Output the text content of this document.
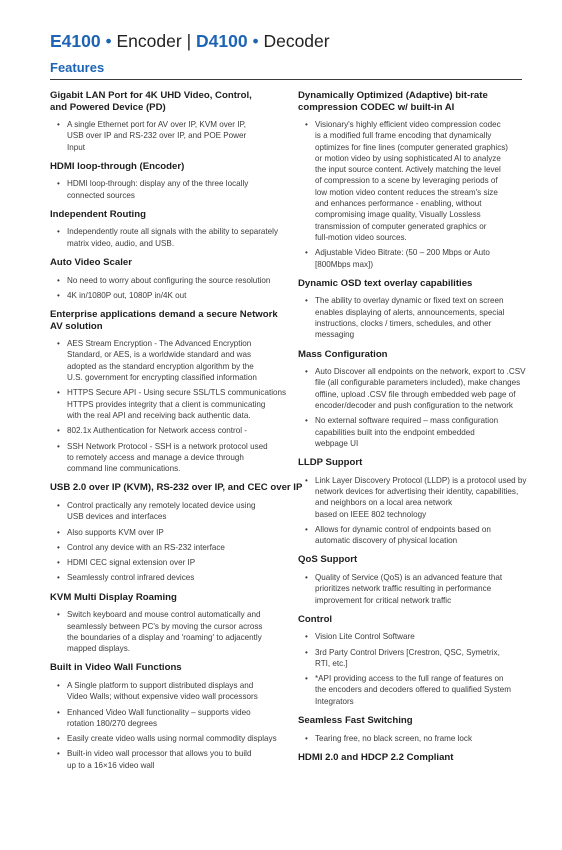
E4100 • Encoder | D4100 • Decoder
Features
Gigabit LAN Port for 4K UHD Video, Control,
and Powered Device (PD)
• A single Ethernet port for AV over IP, KVM over IP,
USB over IP and RS-232 over IP, and POE Power
Input
HDMI loop-through (Encoder)
• HDMI loop-through: display any of the three locally
connected sources
Independent Routing
• Independently route all signals with the ability to separately
matrix video, audio, and USB.
Auto Video Scaler
• No need to worry about configuring the source resolution
• 4K in/1080P out, 1080P in/4K out
Enterprise applications demand a secure Network
AV solution
• AES Stream Encryption - The Advanced Encryption
Standard, or AES, is a worldwide standard and was
adopted as the standard encryption algorithm by the
U.S. government for encrypting classified information
• HTTPS Secure API - Using secure SSL/TLS communications
HTTPS provides integrity that a client is communicating
with the real API and receiving back authentic data.
• 802.1x Authentication for Network access control -
• SSH Network Protocol - SSH is a network protocol used
to remotely access and manage a device through
command line communications.
USB 2.0 over IP (KVM), RS-232 over IP, and CEC over IP
• Control practically any remotely located device using
USB devices and interfaces
• Also supports KVM over IP
• Control any device with an RS-232 interface
• HDMI CEC signal extension over IP
• Seamlessly control infrared devices
KVM Multi Display Roaming
• Switch keyboard and mouse control automatically and
seamlessly between PC's by moving the cursor across
the boundaries of a display and 'roaming' to adjacently
mapped displays.
Built in Video Wall Functions
• A Single platform to support distributed displays and
Video Walls; without expensive video wall processors
• Enhanced Video Wall functionality – supports video
rotation 180/270 degrees
• Easily create video walls using normal commodity displays
• Built-in video wall processor that allows you to build
up to a 16×16 video wall
Dynamically Optimized (Adaptive) bit-rate
compression CODEC w/ built-in AI
• Visionary's highly efficient video compression codec
is a modified full frame encoding that dynamically
optimizes for fine lines (computer generated graphics)
or motion video by using sophisticated AI to analyze
the input source content. Actively matching the level
of compression to a scene by leveraging periods of
low motion video content reduces the stream's size
and enhances performance - enabling, without
compromising image quality, Visually Lossless
transmission of computer generated graphics or
full-motion video sources.
• Adjustable Video Bitrate: (50 – 200 Mbps or Auto
[800Mbps max])
Dynamic OSD text overlay capabilities
• The ability to overlay dynamic or fixed text on screen
enables displaying of alerts, announcements, special
instructions, clocks / timers, schedules, and other
messaging
Mass Configuration
• Auto Discover all endpoints on the network, export to .CSV
file (all configurable parameters included), make changes
offline, upload .CSV file through embedded web page of
encoder/decoder and push configuration to the network
• No external software required – mass configuration
capabilities built into the endpoint embedded
webpage UI
LLDP Support
• Link Layer Discovery Protocol (LLDP) is a protocol used by
network devices for advertising their identity, capabilities,
and neighbors on a local area network
based on IEEE 802 technology
• Allows for dynamic control of endpoints based on
automatic discovery of physical location
QoS Support
• Quality of Service (QoS) is an advanced feature that
prioritizes network traffic resulting in performance
improvement for critical network traffic
Control
• Vision Lite Control Software
• 3rd Party Control Drivers [Crestron, QSC, Symetrix,
RTI, etc.]
• *API providing access to the full range of features on
the encoders and decoders offered to qualified System
Integrators
Seamless Fast Switching
• Tearing free, no black screen, no frame lock
HDMI 2.0 and HDCP 2.2 Compliant
